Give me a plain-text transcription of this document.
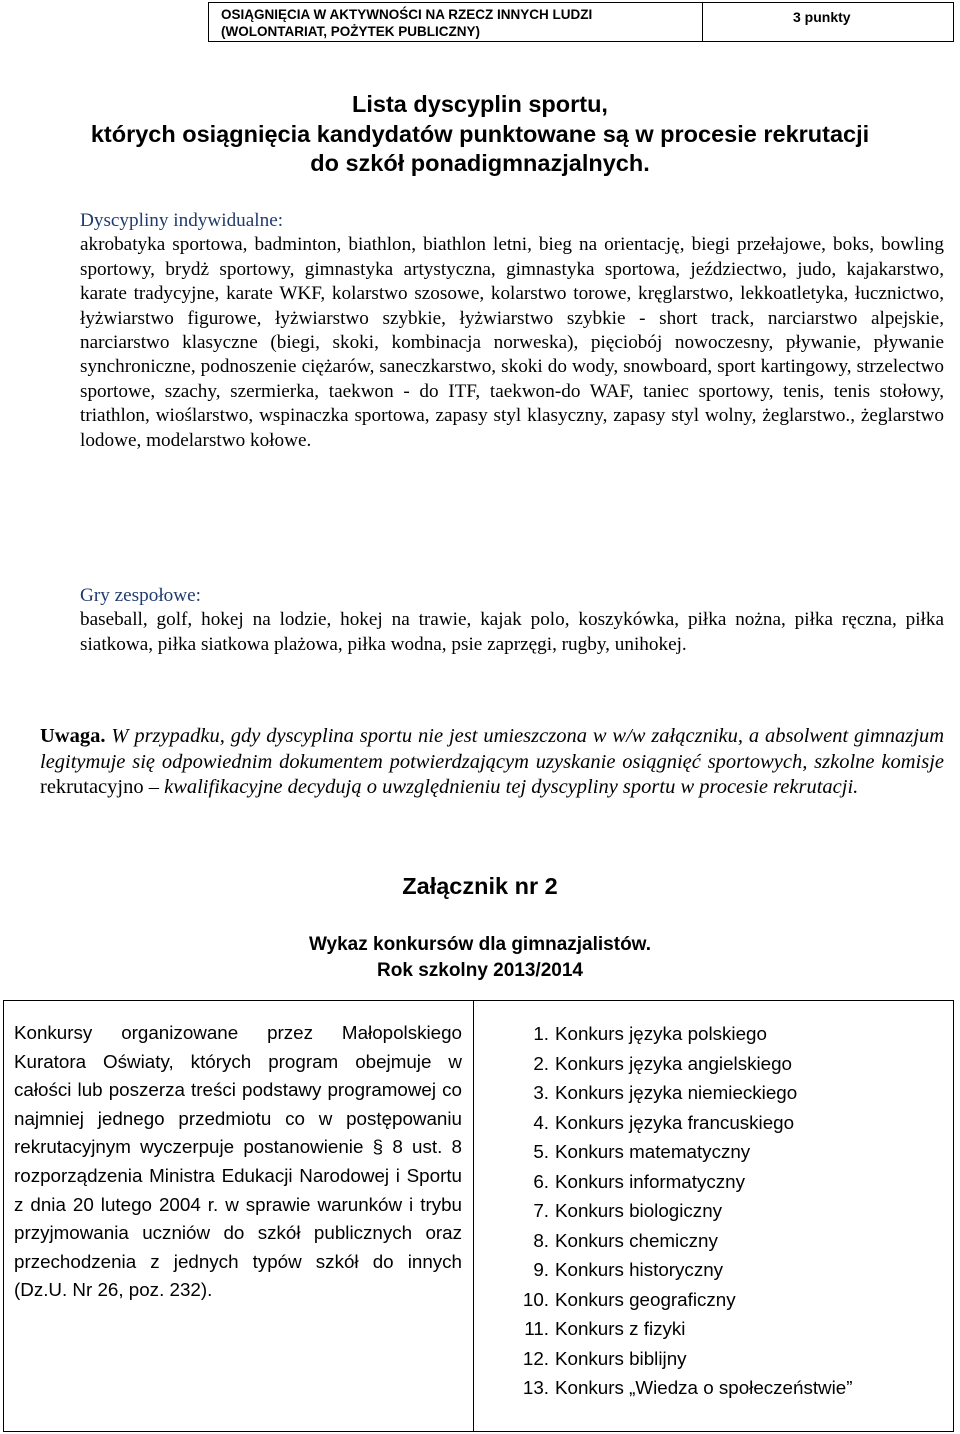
OSIĄGNIĘCIA W AKTYWNOŚCI NA RZECZ INNYCH LUDZI
(WOLONTARIAT, POŻYTEK PUBLICZNY)
3 punkty
Lista dyscyplin sportu,
których osiągnięcia kandydatów punktowane są w procesie rekrutacji
do szkół ponadigmnazjalnych.
Dyscypliny indywidualne:
akrobatyka sportowa, badminton, biathlon, biathlon letni, bieg na orientację, biegi przełajowe, boks, bowling sportowy, brydż sportowy, gimnastyka artystyczna, gimnastyka sportowa, jeździectwo, judo, kajakarstwo, karate tradycyjne, karate WKF, kolarstwo szosowe, kolarstwo torowe, kręglarstwo, lekkoatletyka, łucznictwo, łyżwiarstwo figurowe, łyżwiarstwo szybkie, łyżwiarstwo szybkie - short track, narciarstwo alpejskie, narciarstwo klasyczne (biegi, skoki, kombinacja norweska), pięciobój nowoczesny, pływanie, pływanie synchroniczne, podnoszenie ciężarów, saneczkarstwo, skoki do wody, snowboard, sport kartingowy, strzelectwo sportowe, szachy, szermierka, taekwon - do ITF, taekwon-do WAF, taniec sportowy, tenis, tenis stołowy, triathlon, wioślarstwo, wspinaczka sportowa, zapasy styl klasyczny, zapasy styl wolny, żeglarstwo., żeglarstwo lodowe, modelarstwo kołowe.
Gry zespołowe:
baseball, golf, hokej na lodzie, hokej na trawie, kajak polo, koszykówka, piłka nożna, piłka ręczna, piłka siatkowa, piłka siatkowa plażowa, piłka wodna, psie zaprzęgi, rugby, unihokej.
Uwaga. W przypadku, gdy dyscyplina sportu nie jest umieszczona w w/w załączniku, a absolwent gimnazjum legitymuje się odpowiednim dokumentem potwierdzającym uzyskanie osiągnięć sportowych, szkolne komisje rekrutacyjno – kwalifikacyjne decydują o uwzględnieniu tej dyscypliny sportu w procesie rekrutacji.
Załącznik nr 2
Wykaz konkursów dla gimnazjalistów.
Rok szkolny 2013/2014
Konkursy organizowane przez Małopolskiego Kuratora Oświaty, których program obejmuje w całości lub poszerza treści podstawy programowej co najmniej jednego przedmiotu co w postępowaniu rekrutacyjnym wyczerpuje postanowienie § 8 ust. 8 rozporządzenia Ministra Edukacji Narodowej i Sportu z dnia 20 lutego 2004 r. w sprawie warunków i trybu przyjmowania uczniów do szkół publicznych oraz przechodzenia z jednych typów szkół do innych (Dz.U. Nr 26, poz. 232).
1. Konkurs języka polskiego
2. Konkurs języka angielskiego
3. Konkurs języka niemieckiego
4. Konkurs języka francuskiego
5. Konkurs matematyczny
6. Konkurs informatyczny
7. Konkurs biologiczny
8. Konkurs chemiczny
9. Konkurs historyczny
10. Konkurs geograficzny
11. Konkurs z fizyki
12. Konkurs biblijny
13. Konkurs „Wiedza o społeczeństwie”
